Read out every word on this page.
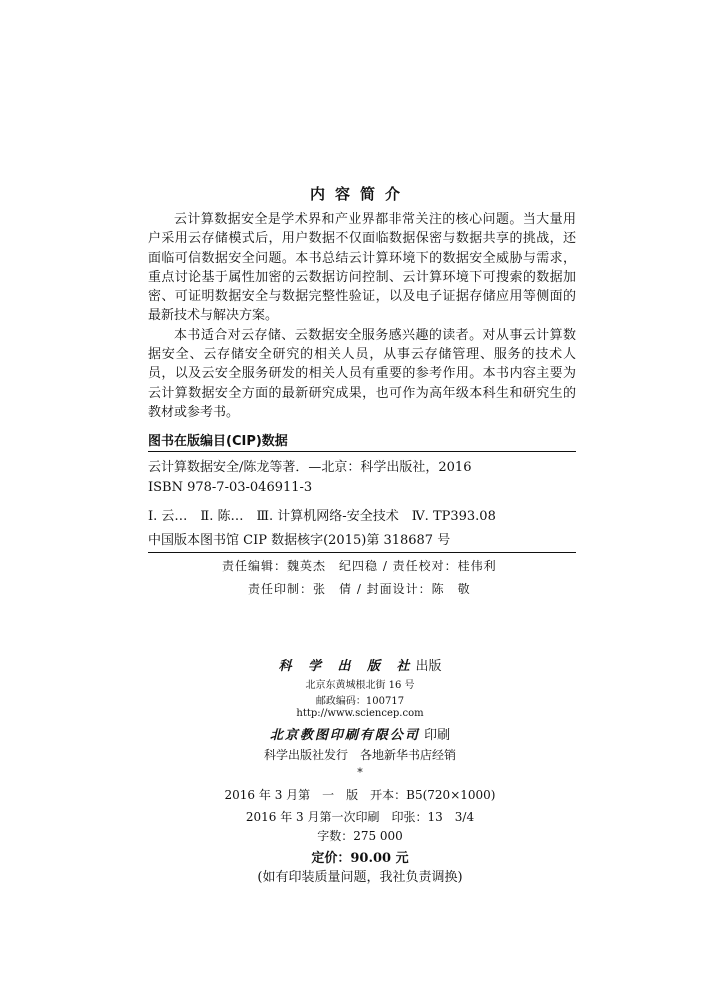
内容简介

云计算数据安全是学术界和产业界都非常关注的核心问题。当大量用户采用云存储模式后，用户数据不仅面临数据保密与数据共享的挑战，还面临可信数据安全问题。本书总结云计算环境下的数据安全威胁与需求，重点讨论基于属性加密的云数据访问控制、云计算环境下可搜索的数据加密、可证明数据安全与数据完整性验证，以及电子证据存储应用等侧面的最新技术与解决方案。

本书适合对云存储、云数据安全服务感兴趣的读者。对从事云计算数据安全、云存储安全研究的相关人员，从事云存储管理、服务的技术人员，以及云安全服务研发的相关人员有重要的参考作用。本书内容主要为云计算数据安全方面的最新研究成果，也可作为高年级本科生和研究生的教材或参考书。

图书在版编目(CIP)数据
云计算数据安全/陈龙等著．—北京：科学出版社，2016
ISBN 978-7-03-046911-3
Ⅰ. 云…　Ⅱ. 陈…　Ⅲ. 计算机网络-安全技术　Ⅳ. TP393.08
中国版本图书馆 CIP 数据核字(2015)第 318687 号
责任编辑：魏英杰　纪四稳 / 责任校对：桂伟利
责任印制：张　倩 / 封面设计：陈　敬
科 学 出 版 社出版
北京东黄城根北街 16 号
邮政编码：100717
http://www.sciencep.com
北京教图印刷有限公司 印刷
科学出版社发行　各地新华书店经销
*
2016 年 3 月第　一　版　开本：B5(720×1000)
2016 年 3 月第一次印刷　印张：13　3/4
字数：275 000
定价：90.00 元
(如有印装质量问题，我社负责调换)
